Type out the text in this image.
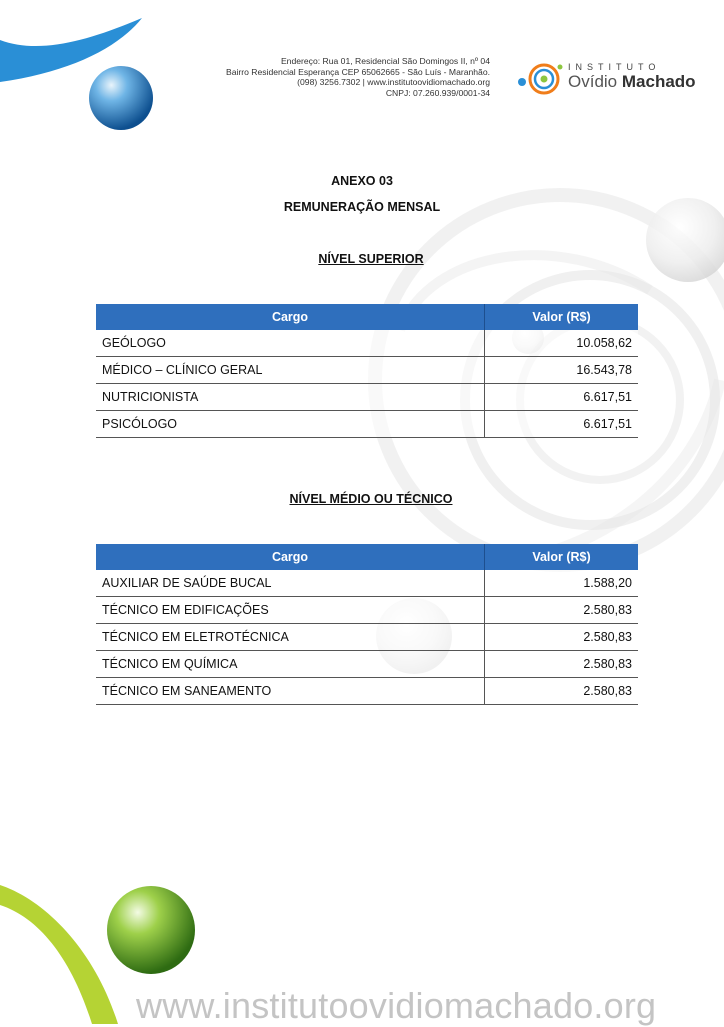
Endereço: Rua 01, Residencial São Domingos II, nº 04
Bairro Residencial Esperança CEP 65062665 - São Luís - Maranhão.
(098) 3256.7302 | www.institutoovidiomachado.org
CNPJ: 07.260.939/0001-34
INSTITUTO
Ovídio Machado
ANEXO 03
REMUNERAÇÃO MENSAL
NÍVEL SUPERIOR
Cargo	Valor (R$)
GEÓLOGO	10.058,62
MÉDICO – CLÍNICO GERAL	16.543,78
NUTRICIONISTA	6.617,51
PSICÓLOGO	6.617,51
NÍVEL MÉDIO OU TÉCNICO
Cargo	Valor (R$)
AUXILIAR DE SAÚDE BUCAL	1.588,20
TÉCNICO EM EDIFICAÇÕES	2.580,83
TÉCNICO EM ELETROTÉCNICA	2.580,83
TÉCNICO EM QUÍMICA	2.580,83
TÉCNICO EM SANEAMENTO	2.580,83
www.institutoovidiomachado.org
